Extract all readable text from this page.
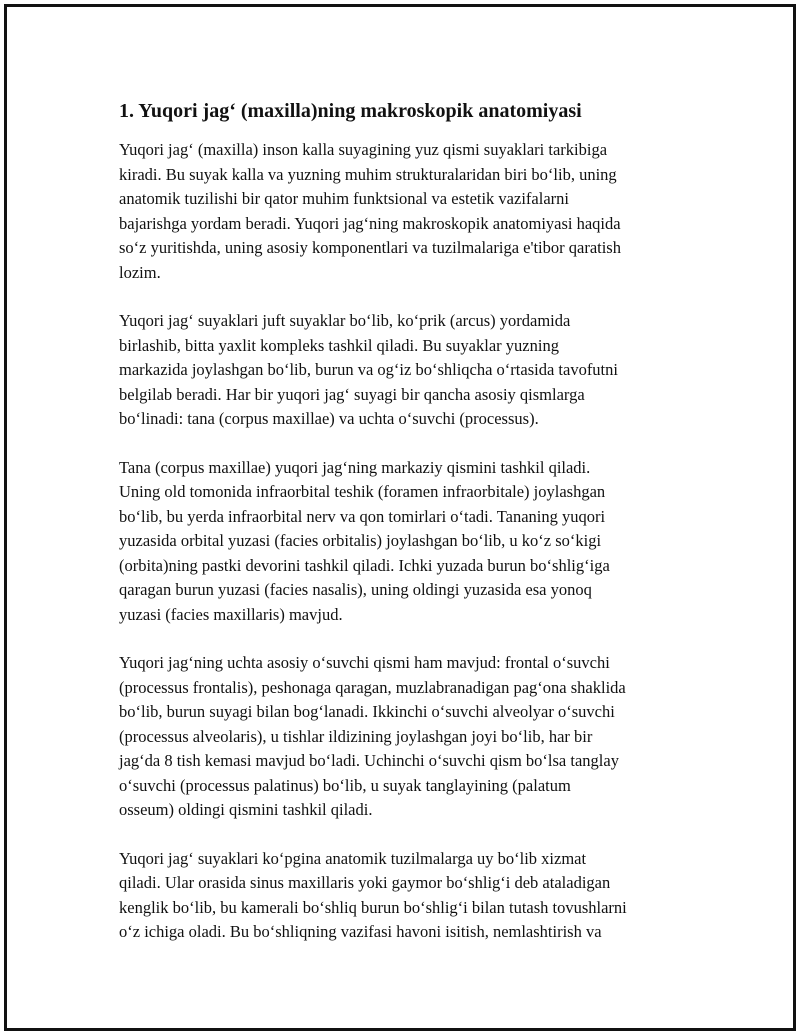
1. Yuqori jag‘ (maxilla)ning makroskopik anatomiyasi

Yuqori jag‘ (maxilla) inson kalla suyagining yuz qismi suyaklari tarkibiga
kiradi. Bu suyak kalla va yuzning muhim strukturalaridan biri bo‘lib, uning
anatomik tuzilishi bir qator muhim funktsional va estetik vazifalarni
bajarishga yordam beradi. Yuqori jag‘ning makroskopik anatomiyasi haqida
so‘z yuritishda, uning asosiy komponentlari va tuzilmalariga e'tibor qaratish
lozim.

Yuqori jag‘ suyaklari juft suyaklar bo‘lib, ko‘prik (arcus) yordamida
birlashib, bitta yaxlit kompleks tashkil qiladi. Bu suyaklar yuzning
markazida joylashgan bo‘lib, burun va og‘iz bo‘shliqcha o‘rtasida tavofutni
belgilab beradi. Har bir yuqori jag‘ suyagi bir qancha asosiy qismlarga
bo‘linadi: tana (corpus maxillae) va uchta o‘suvchi (processus).

Tana (corpus maxillae) yuqori jag‘ning markaziy qismini tashkil qiladi.
Uning old tomonida infraorbital teshik (foramen infraorbitale) joylashgan
bo‘lib, bu yerda infraorbital nerv va qon tomirlari o‘tadi. Tananing yuqori
yuzasida orbital yuzasi (facies orbitalis) joylashgan bo‘lib, u ko‘z so‘kigi
(orbita)ning pastki devorini tashkil qiladi. Ichki yuzada burun bo‘shlig‘iga
qaragan burun yuzasi (facies nasalis), uning oldingi yuzasida esa yonoq
yuzasi (facies maxillaris) mavjud.

Yuqori jag‘ning uchta asosiy o‘suvchi qismi ham mavjud: frontal o‘suvchi
(processus frontalis), peshonaga qaragan, muzlabranadigan pag‘ona shaklida
bo‘lib, burun suyagi bilan bog‘lanadi. Ikkinchi o‘suvchi alveolyar o‘suvchi
(processus alveolaris), u tishlar ildizining joylashgan joyi bo‘lib, har bir
jag‘da 8 tish kemasi mavjud bo‘ladi. Uchinchi o‘suvchi qism bo‘lsa tanglay
o‘suvchi (processus palatinus) bo‘lib, u suyak tanglayining (palatum
osseum) oldingi qismini tashkil qiladi.

Yuqori jag‘ suyaklari ko‘pgina anatomik tuzilmalarga uy bo‘lib xizmat
qiladi. Ular orasida sinus maxillaris yoki gaymor bo‘shlig‘i deb ataladigan
kenglik bo‘lib, bu kamerali bo‘shliq burun bo‘shlig‘i bilan tutash tovushlarni
o‘z ichiga oladi. Bu bo‘shliqning vazifasi havoni isitish, nemlashtirish va
